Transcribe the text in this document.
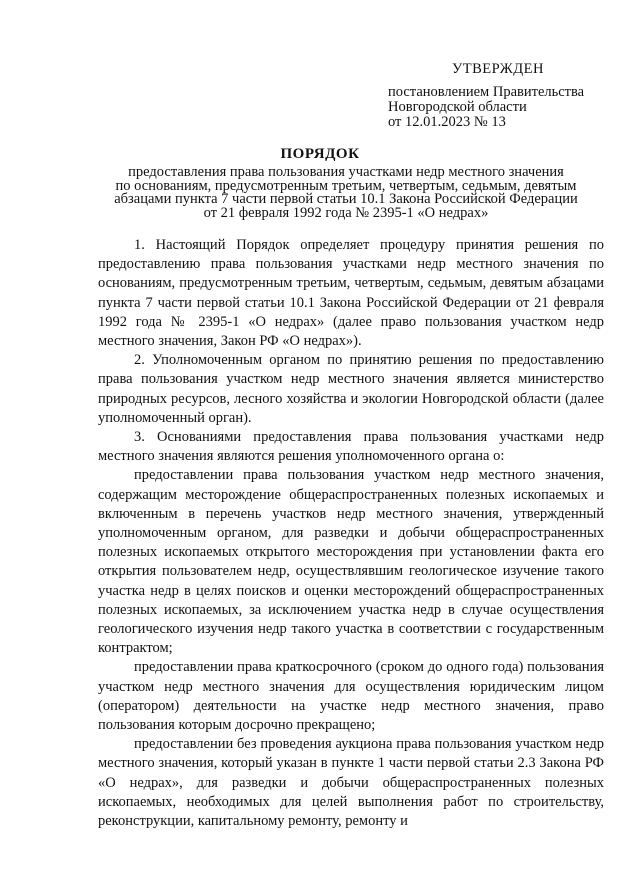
УТВЕРЖДЕН
постановлением Правительства
Новгородской области
от 12.01.2023 № 13
ПОРЯДОК
предоставления права пользования участками недр местного значения
по основаниям, предусмотренным третьим, четвертым, седьмым, девятым
абзацами пункта 7 части первой статьи 10.1 Закона Российской Федерации
от 21 февраля 1992 года № 2395-1 «О недрах»

1. Настоящий Порядок определяет процедуру принятия решения по предоставлению права пользования участками недр местного значения по основаниям, предусмотренным третьим, четвертым, седьмым, девятым абзацами пункта 7 части первой статьи 10.1 Закона Российской Федерации от 21 февраля 1992 года № 2395-1 «О недрах» (далее право пользования участком недр местного значения, Закон РФ «О недрах»).

2. Уполномоченным органом по принятию решения по предоставлению права пользования участком недр местного значения является министерство природных ресурсов, лесного хозяйства и экологии Новгородской области (далее уполномоченный орган).

3. Основаниями предоставления права пользования участками недр местного значения являются решения уполномоченного органа о:

предоставлении права пользования участком недр местного значения, содержащим месторождение общераспространенных полезных ископаемых и включенным в перечень участков недр местного значения, утвержденный уполномоченным органом, для разведки и добычи общераспространенных полезных ископаемых открытого месторождения при установлении факта его открытия пользователем недр, осуществлявшим геологическое изучение такого участка недр в целях поисков и оценки месторождений общераспространенных полезных ископаемых, за исключением участка недр в случае осуществления геологического изучения недр такого участка в соответствии с государственным контрактом;

предоставлении права краткосрочного (сроком до одного года) пользования участком недр местного значения для осуществления юридическим лицом (оператором) деятельности на участке недр местного значения, право пользования которым досрочно прекращено;

предоставлении без проведения аукциона права пользования участком недр местного значения, который указан в пункте 1 части первой статьи 2.3 Закона РФ «О недрах», для разведки и добычи общераспространенных полезных ископаемых, необходимых для целей выполнения работ по строительству, реконструкции, капитальному ремонту, ремонту и
